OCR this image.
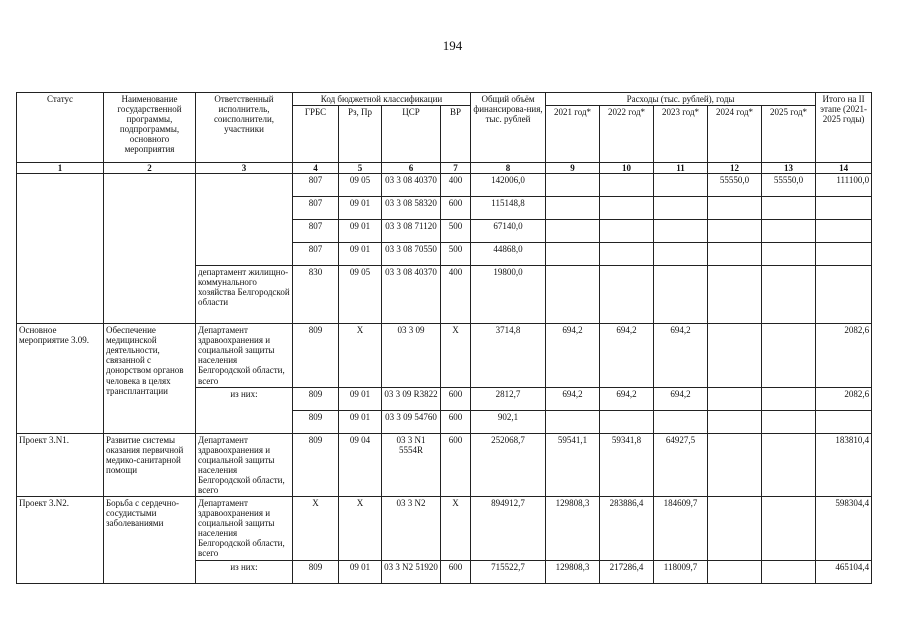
194
Статус	Наименование государственной программы, подпрограммы, основного мероприятия	Ответственный исполнитель, соисполнители, участники	Код бюджетной классификации				Общий объём финансирова-ния, тыс. рублей	Расходы (тыс. рублей), годы					Итого на II этапе (2021-2025 годы)
			ГРБС	Рз, Пр	ЦСР	ВР		2021 год*	2022 год*	2023 год*	2024 год*	2025 год*	
1	2	3	4	5	6	7	8	9	10	11	12	13	14
			807	09 05	03 3 08 40370	400	142006,0				55550,0	55550,0	111100,0
			807	09 01	03 3 08 58320	600	115148,8						
			807	09 01	03 3 08 71120	500	67140,0						
			807	09 01	03 3 08 70550	500	44868,0						
		департамент жилищно-коммунального хозяйства Белгородской области	830	09 05	03 3 08 40370	400	19800,0						
Основное мероприятие 3.09.	Обеспечение медицинской деятельности, связанной с донорством органов человека в целях трансплантации	Департамент здравоохранения и социальной защиты населения Белгородской области, всего	809	Х	03 3 09	Х	3714,8	694,2	694,2	694,2			2082,6
		из них:	809	09 01	03 3 09 R3822	600	2812,7	694,2	694,2	694,2			2082,6
			809	09 01	03 3 09 54760	600	902,1						
Проект 3.N1.	Развитие системы оказания первичной медико-санитарной помощи	Департамент здравоохранения и социальной защиты населения Белгородской области, всего	809	09 04	03 3 N1 5554R	600	252068,7	59541,1	59341,8	64927,5			183810,4
Проект 3.N2.	Борьба с сердечно-сосудистыми заболеваниями	Департамент здравоохранения и социальной защиты населения Белгородской области, всего	Х	Х	03 3 N2	Х	894912,7	129808,3	283886,4	184609,7			598304,4
		из них:	809	09 01	03 3 N2 51920	600	715522,7	129808,3	217286,4	118009,7			465104,4
